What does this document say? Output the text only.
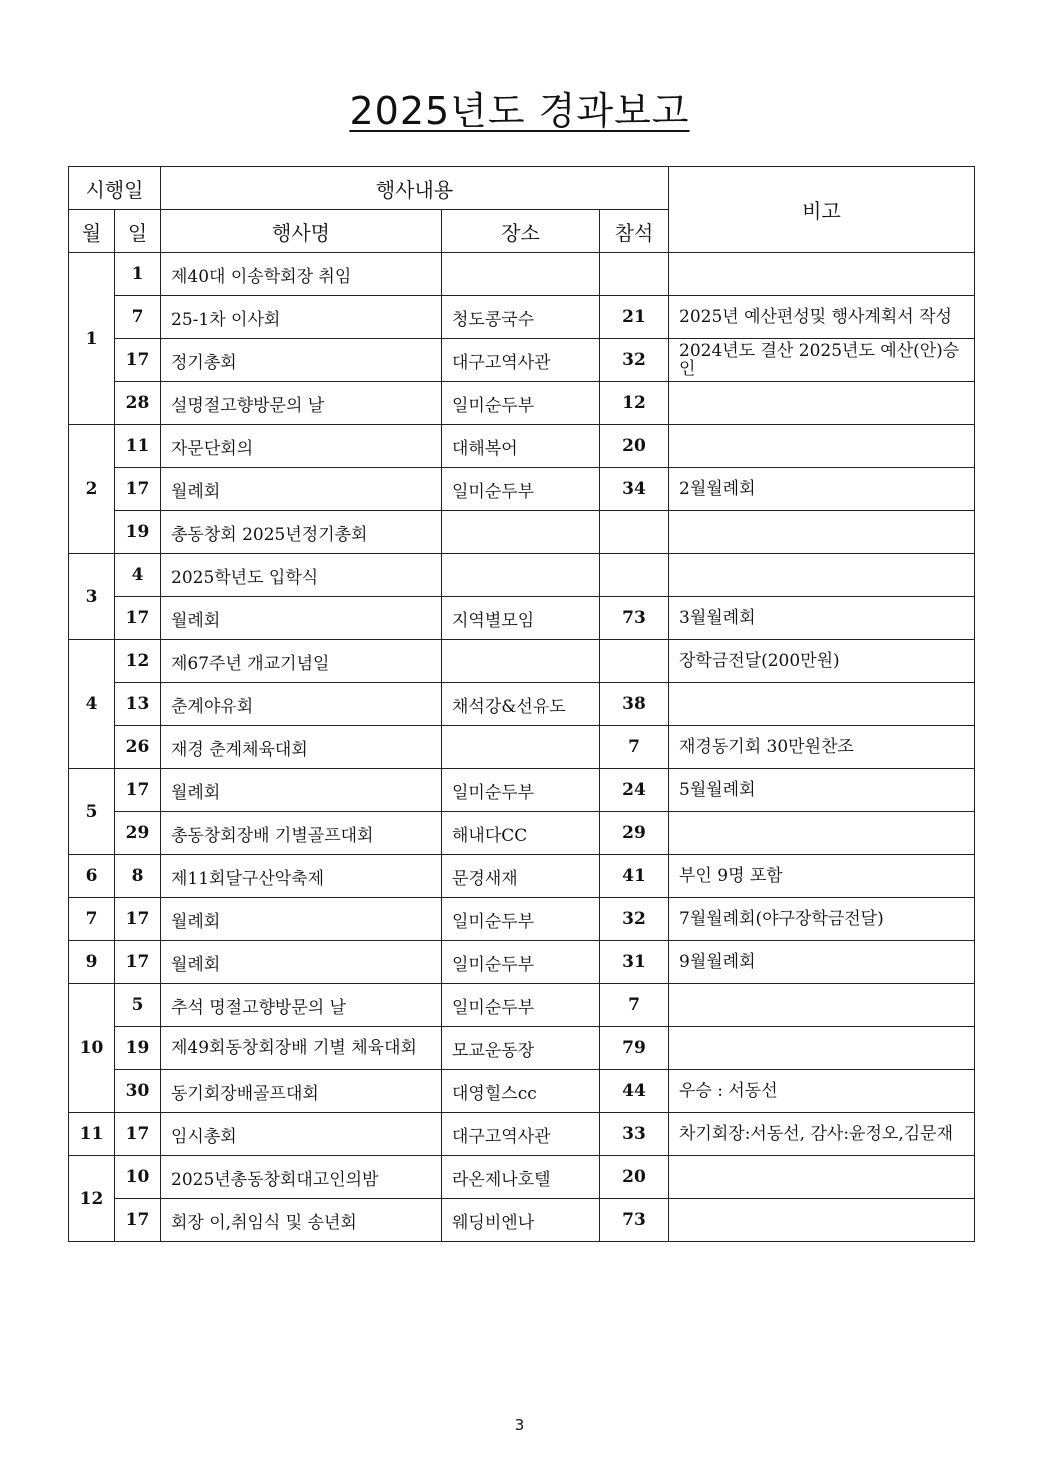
2025년도 경과보고
시행일		행사내용			비고
월	일	행사명	장소	참석	
1	1	제40대 이송학회장 취임			
	7	25-1차 이사회	청도콩국수	21	2025년 예산편성및 행사계획서 작성
	17	정기총회	대구고역사관	32	2024년도 결산 2025년도 예산(안)승인
	28	설명절고향방문의 날	일미순두부	12	
2	11	자문단회의	대해복어	20	
	17	월례회	일미순두부	34	2월월례회
	19	총동창회 2025년정기총회			
3	4	2025학년도 입학식			
	17	월례회	지역별모임	73	3월월례회
4	12	제67주년 개교기념일			장학금전달(200만원)
	13	춘계야유회	채석강&선유도	38	
	26	재경 춘계체육대회		7	재경동기회 30만원찬조
5	17	월례회	일미순두부	24	5월월례회
	29	총동창회장배 기별골프대회	해내다CC	29	
6	8	제11회달구산악축제	문경새재	41	부인 9명 포함
7	17	월례회	일미순두부	32	7월월례회(야구장학금전달)
9	17	월례회	일미순두부	31	9월월례회
10	5	추석 명절고향방문의 날	일미순두부	7	
	19	제49회동창회장배 기별 체육대회	모교운동장	79	
	30	동기회장배골프대회	대영힐스cc	44	우승 : 서동선
11	17	임시총회	대구고역사관	33	차기회장:서동선, 감사:윤정오,김문재
12	10	2025년총동창회대고인의밤	라온제나호텔	20	
	17	회장 이,취임식 및 송년회	웨딩비엔나	73	
3
